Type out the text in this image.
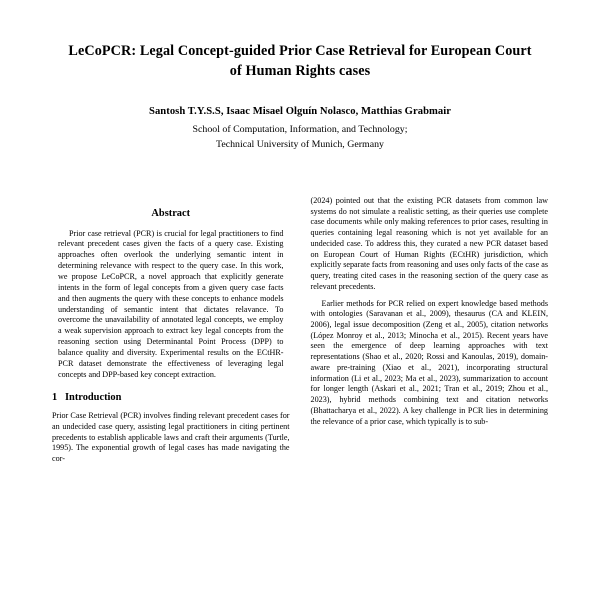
LeCoPCR: Legal Concept-guided Prior Case Retrieval for European Court of Human Rights cases
Santosh T.Y.S.S, Isaac Misael Olguín Nolasco, Matthias Grabmair
School of Computation, Information, and Technology;
Technical University of Munich, Germany
Abstract

Prior case retrieval (PCR) is crucial for legal practitioners to find relevant precedent cases given the facts of a query case. Existing approaches often overlook the underlying semantic intent in determining relevance with respect to the query case. In this work, we propose LeCoPCR, a novel approach that explicitly generate intents in the form of legal concepts from a given query case facts and then augments the query with these concepts to enhance models understanding of semantic intent that dictates relavance. To overcome the unavailability of annotated legal concepts, we employ a weak supervision approach to extract key legal concepts from the reasoning section using Determinantal Point Process (DPP) to balance quality and diversity. Experimental results on the ECtHR-PCR dataset demonstrate the effectiveness of leveraging legal concepts and DPP-based key concept extraction.

1 Introduction

Prior Case Retrieval (PCR) involves finding relevant precedent cases for an undecided case query, assisting legal practitioners in citing pertinent precedents to establish applicable laws and craft their arguments (Turtle, 1995). The exponential growth of legal cases has made navigating the cor-

(2024) pointed out that the existing PCR datasets from common law systems do not simulate a realistic setting, as their queries use complete case documents while only making references to prior cases, resulting in queries containing legal reasoning which is not yet available for an undecided case. To address this, they curated a new PCR dataset based on European Court of Human Rights (ECtHR) jurisdiction, which explicitly separate facts from reasoning and uses only facts of the case as query, treating cited cases in the reasoning section of the query case as relevant precedents.

Earlier methods for PCR relied on expert knowledge based methods with ontologies (Saravanan et al., 2009), thesaurus (CA and KLEIN, 2006), legal issue decomposition (Zeng et al., 2005), citation networks (López Monroy et al., 2013; Minocha et al., 2015). Recent years have seen the emergence of deep learning approaches with text representations (Shao et al., 2020; Rossi and Kanoulas, 2019), domain-aware pre-training (Xiao et al., 2021), incorporating structural information (Li et al., 2023; Ma et al., 2023), summarization to account for longer length (Askari et al., 2021; Tran et al., 2019; Zhou et al., 2023), hybrid methods combining text and citation networks (Bhattacharya et al., 2022). A key challenge in PCR lies in determining the relevance of a prior case, which typically is to sub-
